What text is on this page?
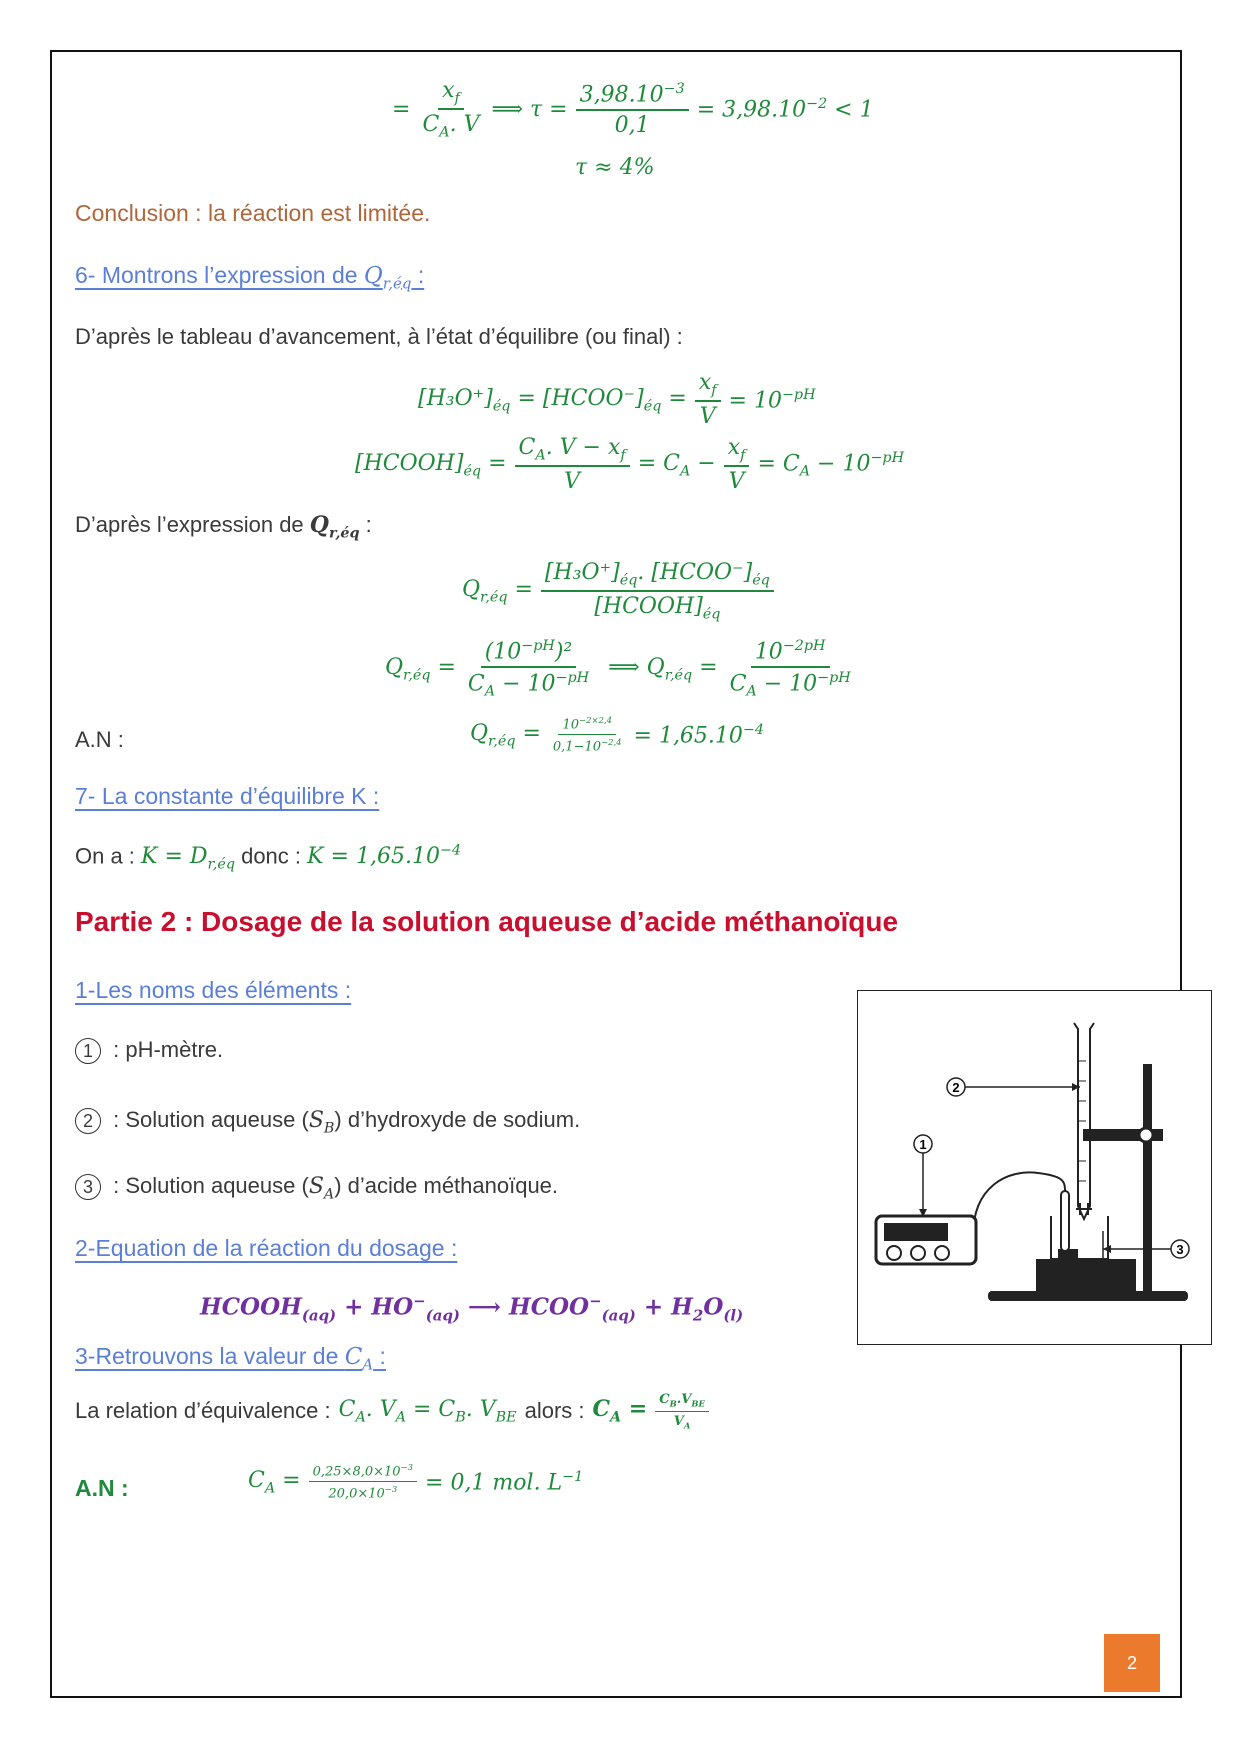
= $\frac{x_f}{C_A. V}$ ⟹ $\tau = \frac{3,98.10^{-3}}{0,1} = 3,98.10^{-2} < 1$
τ ≈ 4%
Conclusion : la réaction est limitée.
6- Montrons l’expression de $Q_{r,éq}$ :
D’après le tableau d’avancement, à l’état d’équilibre (ou final) :
$[H_3O^+]_{éq}$ = $[HCOO^-]_{éq} = \frac{x_f}{V} = 10^{-pH}$
$[HCOOH]_{éq} = \frac{C_A. V - x_f}{V} = C_A - \frac{x_f}{V} = C_A - 10^{-pH}$
D’après l’expression de $Q_{r,éq}$ :
$Q_{r,éq} = \frac{[H_3O^+]_{éq}. [HCOO^-]_{éq}}{[HCOOH]_{éq}}$
$Q_{r,éq} = \frac{(10^{-pH})^2}{C_A - 10^{-pH}}$ ⟹ $Q_{r,éq} = \frac{10^{-2pH}}{C_A - 10^{-pH}}$
A.N :	$Q_{r,éq} = \frac{10^{-2\times 2,4}}{0,1-10^{-2,4}} = 1,65.10^{-4}$
7- La constante d’équilibre K :
On a : $K = D_{r,éq}$ donc : $K = 1,65.10^{-4}$
Partie 2 : Dosage de la solution aqueuse d’acide méthanoïque
1-Les noms des éléments :
1 : pH-mètre.
2 : Solution aqueuse $(S_B)$ d’hydroxyde de sodium.
3 : Solution aqueuse $(S_A)$ d’acide méthanoïque.
2-Equation de la réaction du dosage :
$HCOOH_{(aq)} + HO^-_{(aq)}$ ⟶ $HCOO^-_{(aq)} + H_2O_{(l)}$
3-Retrouvons la valeur de $C_A$ :
La relation d’équivalence : $C_A$. $V_A = C_B$. $V_{BE}$ alors : $C_A = \frac{C_B.V_{BE}}{V_A}$
A.N :	$C_A = \frac{0,25\times 8,0\times 10^{-3}}{20,0\times 10^{-3}} = 0,1$ mol. $L^{-1}$
1
2
3
2
